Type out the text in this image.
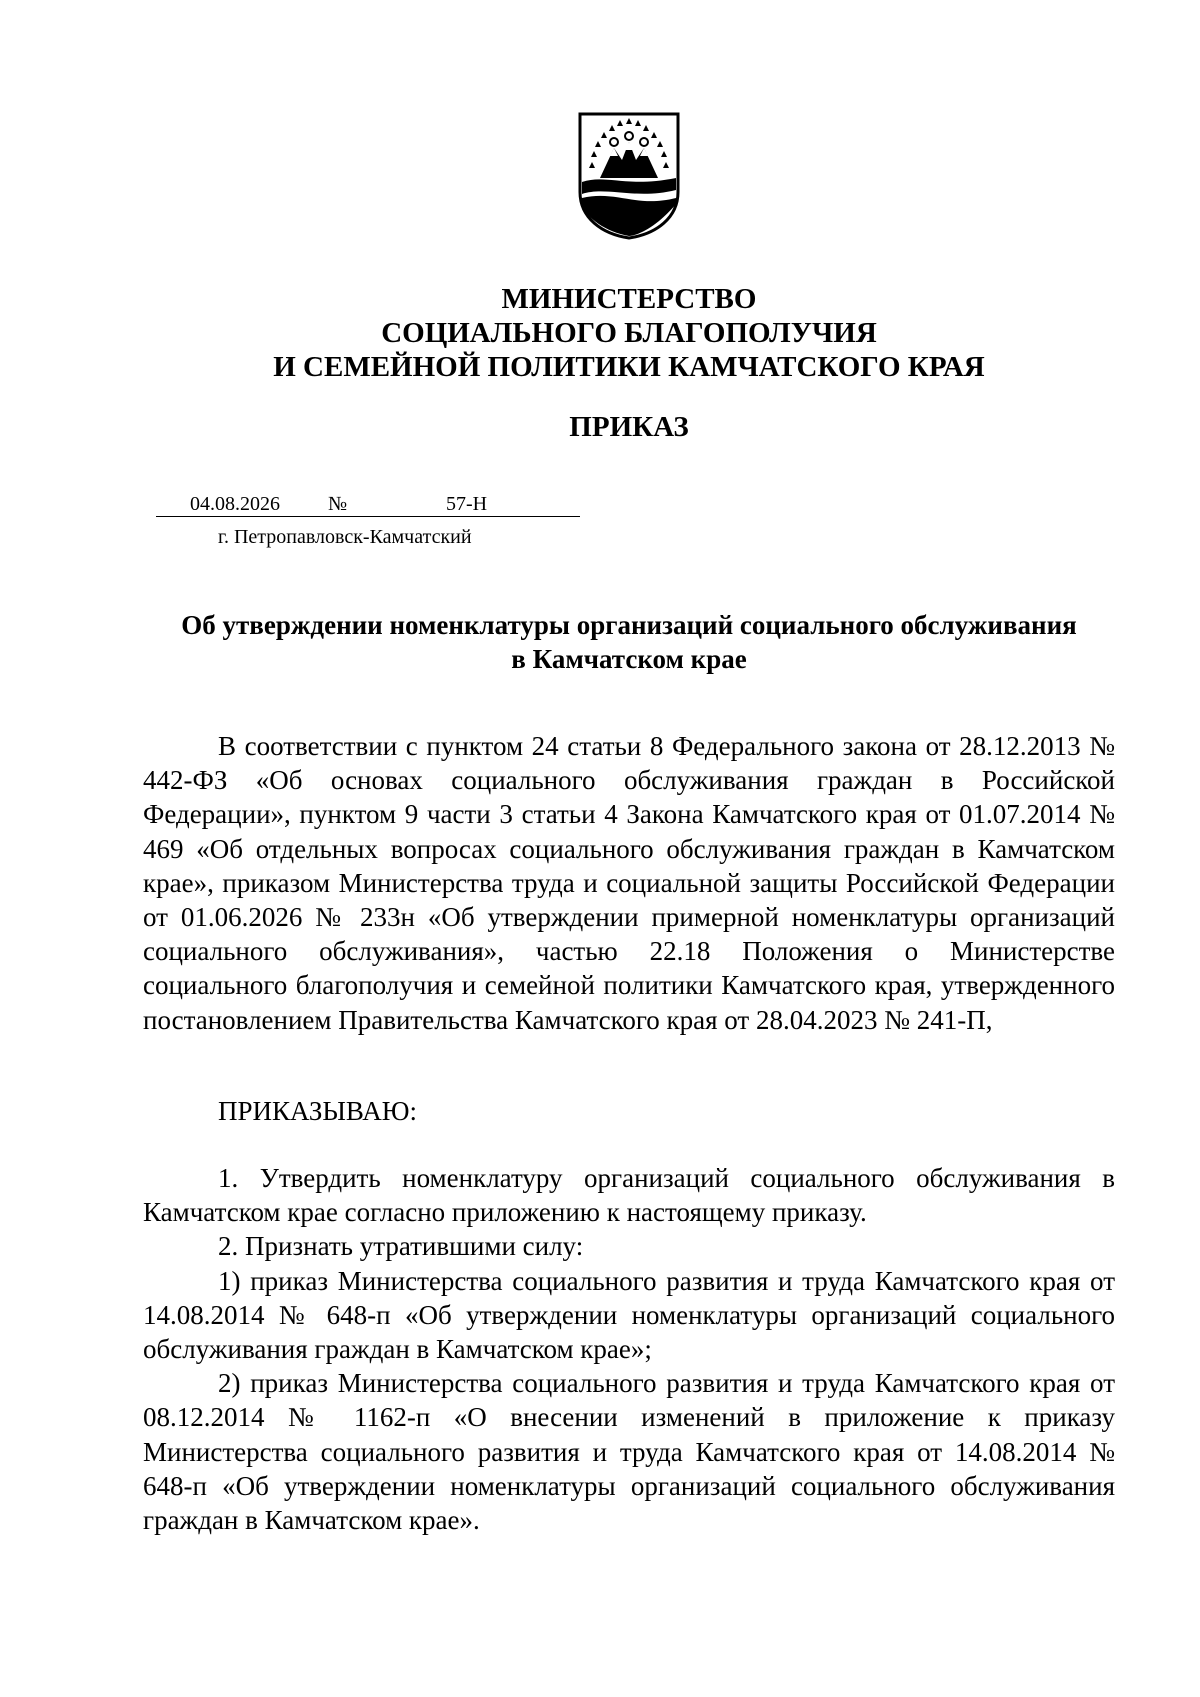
МИНИСТЕРСТВО
СОЦИАЛЬНОГО БЛАГОПОЛУЧИЯ
И СЕМЕЙНОЙ ПОЛИТИКИ КАМЧАТСКОГО КРАЯ
ПРИКАЗ
04.08.2026 №	57-Н
г. Петропавловск-Камчатский
Об утверждении номенклатуры организаций социального обслуживания
в Камчатском крае

В соответствии с пунктом 24 статьи 8 Федерального закона от 28.12.2013 № 442-ФЗ «Об основах социального обслуживания граждан в Российской Федерации», пунктом 9 части 3 статьи 4 Закона Камчатского края от 01.07.2014 № 469 «Об отдельных вопросах социального обслуживания граждан в Камчатском крае», приказом Министерства труда и социальной защиты Российской Федерации от 01.06.2026 № 233н «Об утверждении примерной номенклатуры организаций социального обслуживания», частью 22.18 Положения о Министерстве социального благополучия и семейной политики Камчатского края, утвержденного постановлением Правительства Камчатского края от 28.04.2023 № 241-П,

ПРИКАЗЫВАЮ:

1. Утвердить номенклатуру организаций социального обслуживания в Камчатском крае согласно приложению к настоящему приказу.

2. Признать утратившими силу:

1) приказ Министерства социального развития и труда Камчатского края от 14.08.2014 № 648-п «Об утверждении номенклатуры организаций социального обслуживания граждан в Камчатском крае»;

2) приказ Министерства социального развития и труда Камчатского края от 08.12.2014 № 1162-п «О внесении изменений в приложение к приказу Министерства социального развития и труда Камчатского края от 14.08.2014 № 648-п «Об утверждении номенклатуры организаций социального обслуживания граждан в Камчатском крае».
